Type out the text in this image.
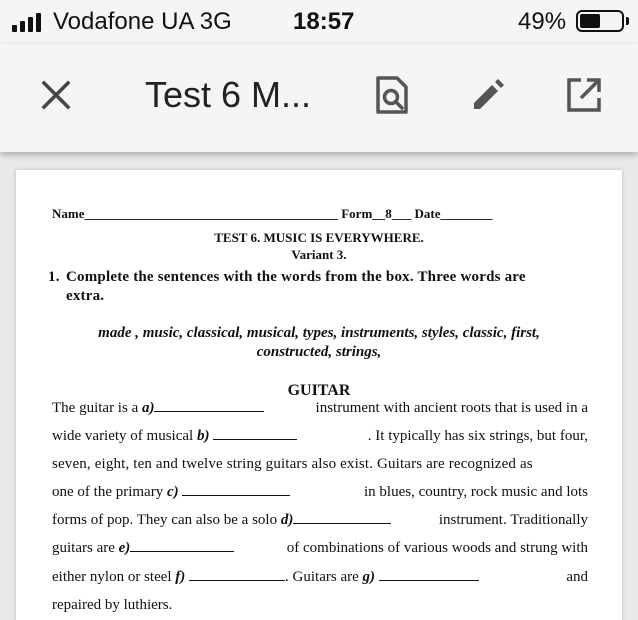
Vodafone UA 3G	18:57	49%
Test 6 M...
Name_______________________________________ Form__8___ Date________
TEST 6. MUSIC IS EVERYWHERE.
Variant 3.
1. Complete the sentences with the words from the box. Three words are
extra.
made , music, classical, musical, types, instruments, styles, classic, first,
constructed, strings,
GUITAR
The guitar is a a)	instrument with ancient roots that is used in a
wide variety of musical b)	. It typically has six strings, but four,
seven, eight, ten and twelve string guitars also exist. Guitars are recognized as
one of the primary c)	in blues, country, rock music and lots
forms of pop. They can also be a solo d)	instrument. Traditionally
guitars are e)	of combinations of various woods and strung with
either nylon or steel f)	. Guitars are g)	and
repaired by luthiers.
